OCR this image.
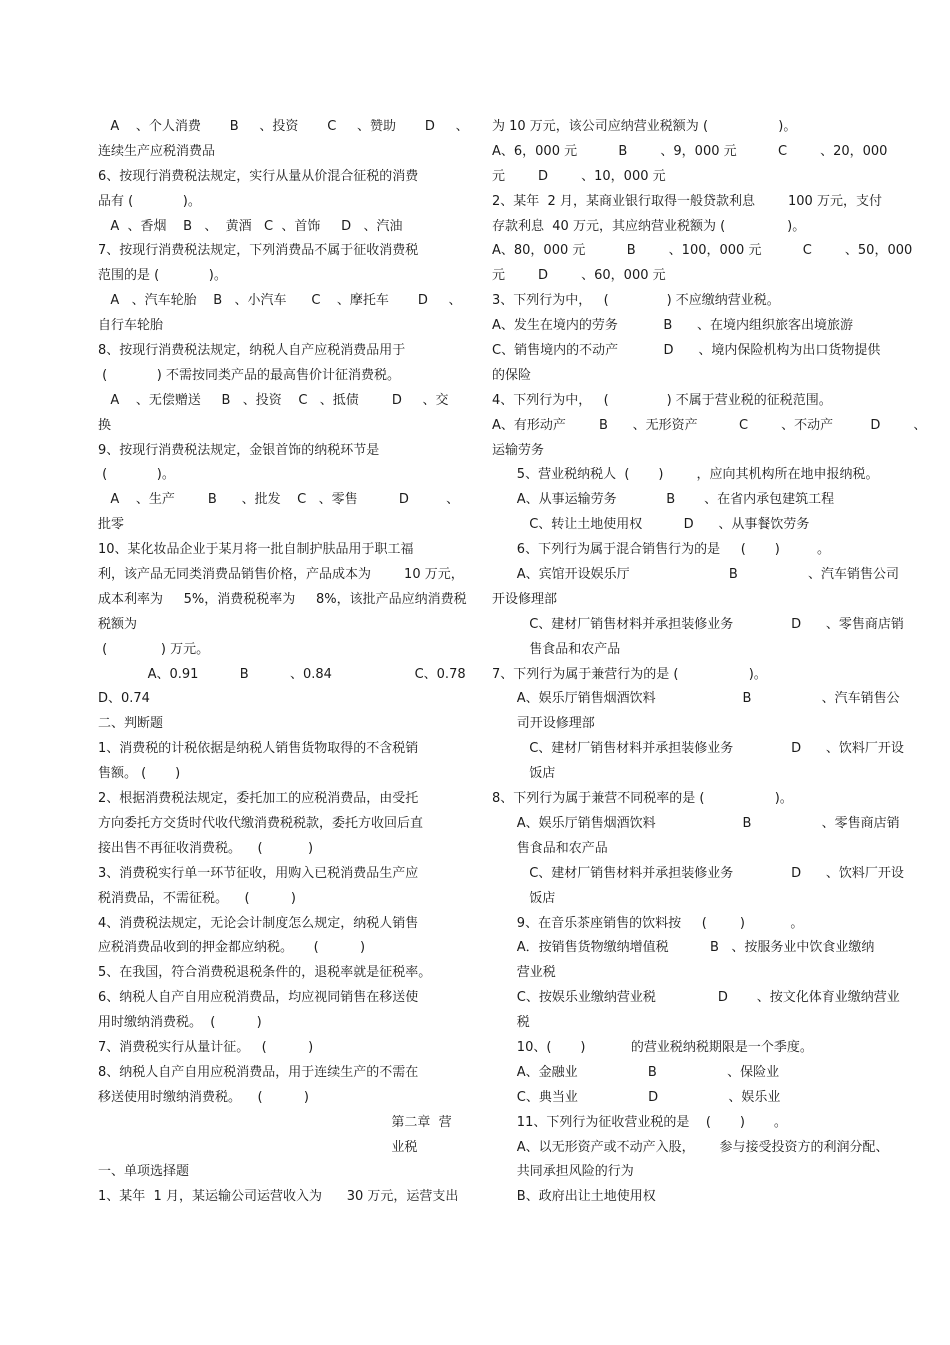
A    、个人消费       B     、投资       C     、赞助       D     、
连续生产应税消费品
6、按现行消费税法规定，实行从量从价混合征税的消费
品有 (            )。
A  、香烟    B   、  黄酒   C  、首饰     D   、汽油
7、按现行消费税法规定，下列消费品不属于征收消费税
范围的是 (            )。
A   、汽车轮胎    B   、小汽车      C    、摩托车       D     、
自行车轮胎
8、按现行消费税法规定，纳税人自产应税消费品用于
(            ) 不需按同类产品的最高售价计征消费税。
A    、无偿赠送     B   、投资    C   、抵债        D     、交
换
9、按现行消费税法规定，金银首饰的纳税环节是
(            )。
A    、生产        B      、批发    C   、零售          D         、
批零
10、某化妆品企业于某月将一批自制护肤品用于职工福
利，该产品无同类消费品销售价格，产品成本为        10 万元，
成本利率为     5%，消费税税率为     8%，该批产品应纳消费税
税额为
(             ) 万元。
A、0.91          B          、0.84                    C、0.78
D、0.74
二、判断题
1、消费税的计税依据是纳税人销售货物取得的不含税销
售额。 (       )
2、根据消费税法规定，委托加工的应税消费品，由受托
方向委托方交货时代收代缴消费税税款，委托方收回后直
接出售不再征收消费税。    (           )
3、消费税实行单一环节征收，用购入已税消费品生产应
税消费品，不需征税。    (          )
4、消费税法规定，无论会计制度怎么规定，纳税人销售
应税消费品收到的押金都应纳税。     (          )
5、在我国，符合消费税退税条件的，退税率就是征税率。
6、纳税人自产自用应税消费品，均应视同销售在移送使
用时缴纳消费税。  (          )
7、消费税实行从量计征。   (          )
8、纳税人自产自用应税消费品，用于连续生产的不需在
移送使用时缴纳消费税。    (          )
第二章  营
业税
一、单项选择题
1、某年  1 月，某运输公司运营收入为      30 万元，运营支出
为 10 万元，该公司应纳营业税额为 (                 )。
A、6，000 元          B        、9，000 元          C        、20，000
元        D        、10，000 元
2、某年  2 月，某商业银行取得一般贷款利息        100 万元，支付
存款利息  40 万元，其应纳营业税额为 (               )。
A、80，000 元          B        、100，000 元          C        、50，000
元        D        、60，000 元
3、下列行为中，   (              ) 不应缴纳营业税。
A、发生在境内的劳务           B      、在境内组织旅客出境旅游
C、销售境内的不动产           D      、境内保险机构为出口货物提供
的保险
4、下列行为中，   (              ) 不属于营业税的征税范围。
A、有形动产        B      、无形资产          C        、不动产         D        、
运输劳务
5、营业税纳税人  (       )        ，应向其机构所在地申报纳税。
A、从事运输劳务            B       、在省内承包建筑工程
C、转让土地使用权          D      、从事餐饮劳务
6、下列行为属于混合销售行为的是     (       )         。
A、宾馆开设娱乐厅                        B                 、汽车销售公司
开设修理部
C、建材厂销售材料并承担装修业务              D      、零售商店销
售食品和农产品
7、下列行为属于兼营行为的是 (                 )。
A、娱乐厅销售烟酒饮料                     B                 、汽车销售公
司开设修理部
C、建材厂销售材料并承担装修业务              D      、饮料厂开设
饭店
8、下列行为属于兼营不同税率的是 (                 )。
A、娱乐厅销售烟酒饮料                     B                 、零售商店销
售食品和农产品
C、建材厂销售材料并承担装修业务              D      、饮料厂开设
饭店
9、在音乐茶座销售的饮料按     (        )           。
A．按销售货物缴纳增值税          B   、按服务业中饮食业缴纳
营业税
C、按娱乐业缴纳营业税               D       、按文化体育业缴纳营业
税
10、(       )           的营业税纳税期限是一个季度。
A、金融业                 B                 、保险业
C、典当业                 D                 、娱乐业
11、下列行为征收营业税的是    (       )       。
A、以无形资产或不动产入股，      参与接受投资方的利润分配、
共同承担风险的行为
B、政府出让土地使用权
